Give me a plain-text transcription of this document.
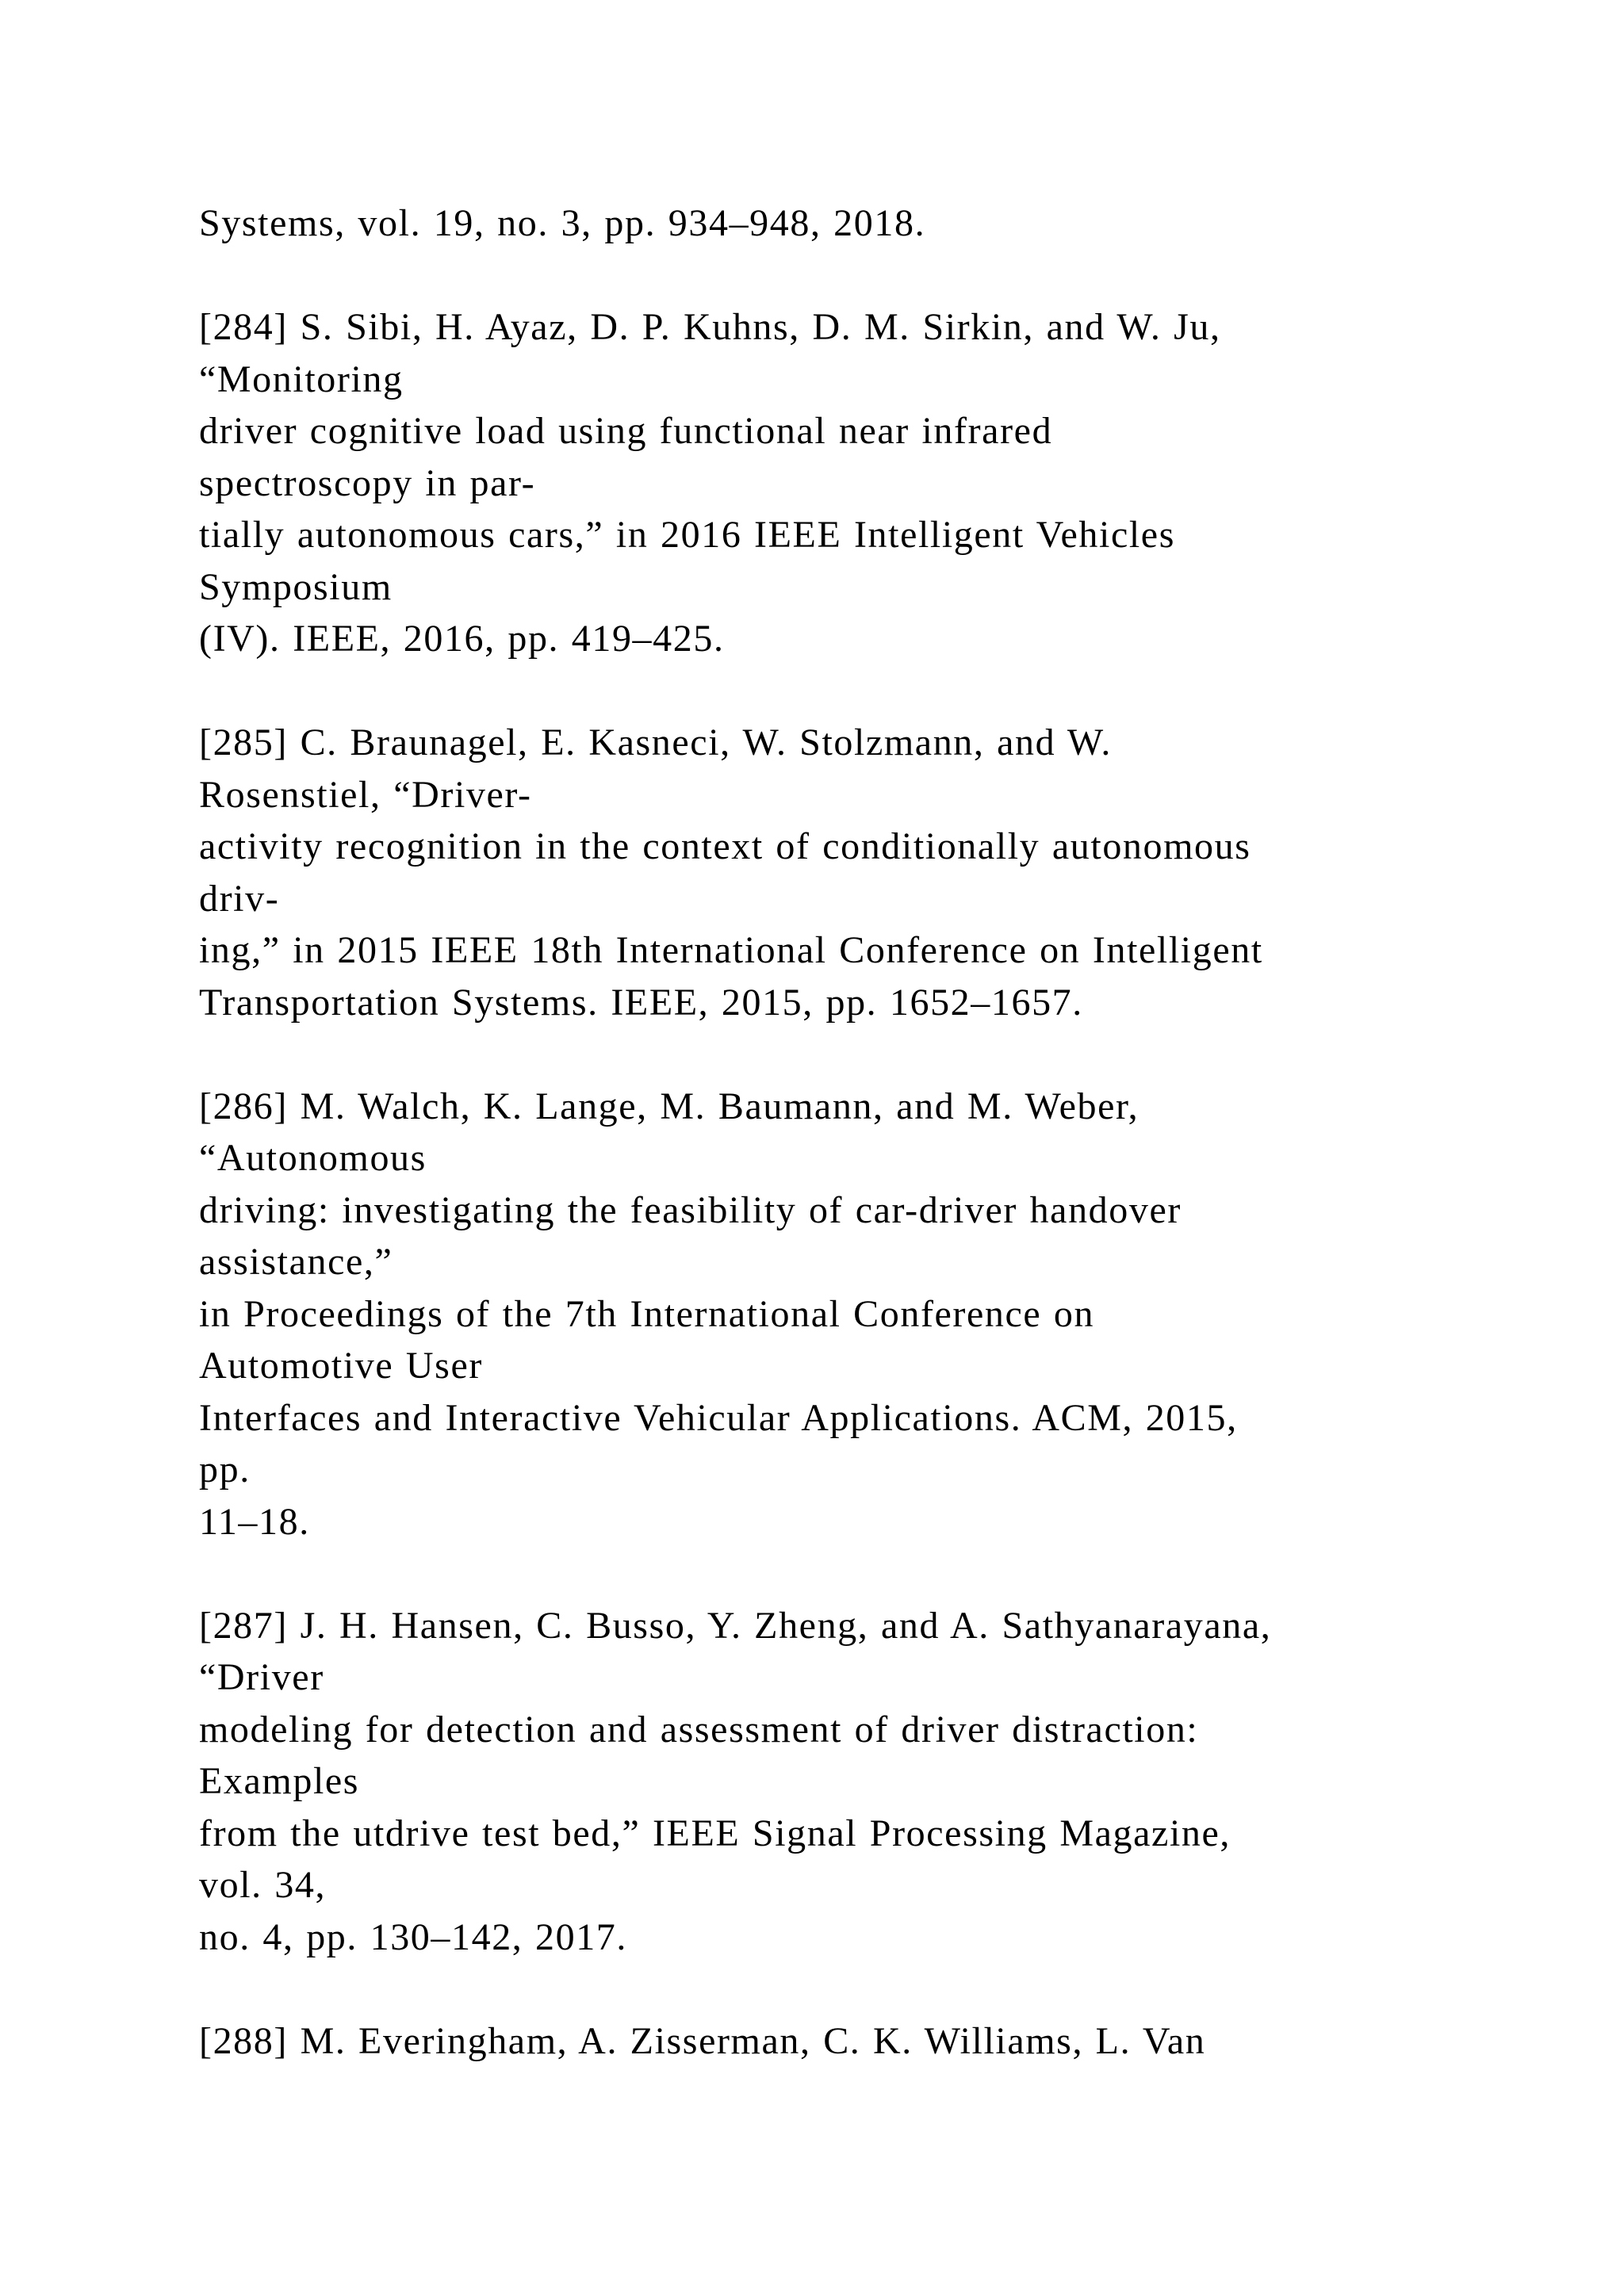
Systems, vol. 19, no. 3, pp. 934–948, 2018.
[284] S. Sibi, H. Ayaz, D. P. Kuhns, D. M. Sirkin, and W. Ju,
“Monitoring
driver cognitive load using functional near infrared
spectroscopy in par-
tially autonomous cars,” in 2016 IEEE Intelligent Vehicles
Symposium
(IV). IEEE, 2016, pp. 419–425.
[285] C. Braunagel, E. Kasneci, W. Stolzmann, and W.
Rosenstiel, “Driver-
activity recognition in the context of conditionally autonomous
driv-
ing,” in 2015 IEEE 18th International Conference on Intelligent
Transportation Systems. IEEE, 2015, pp. 1652–1657.
[286] M. Walch, K. Lange, M. Baumann, and M. Weber,
“Autonomous
driving: investigating the feasibility of car-driver handover
assistance,”
in Proceedings of the 7th International Conference on
Automotive User
Interfaces and Interactive Vehicular Applications. ACM, 2015,
pp.
11–18.
[287] J. H. Hansen, C. Busso, Y. Zheng, and A. Sathyanarayana,
“Driver
modeling for detection and assessment of driver distraction:
Examples
from the utdrive test bed,” IEEE Signal Processing Magazine,
vol. 34,
no. 4, pp. 130–142, 2017.
[288] M. Everingham, A. Zisserman, C. K. Williams, L. Van
